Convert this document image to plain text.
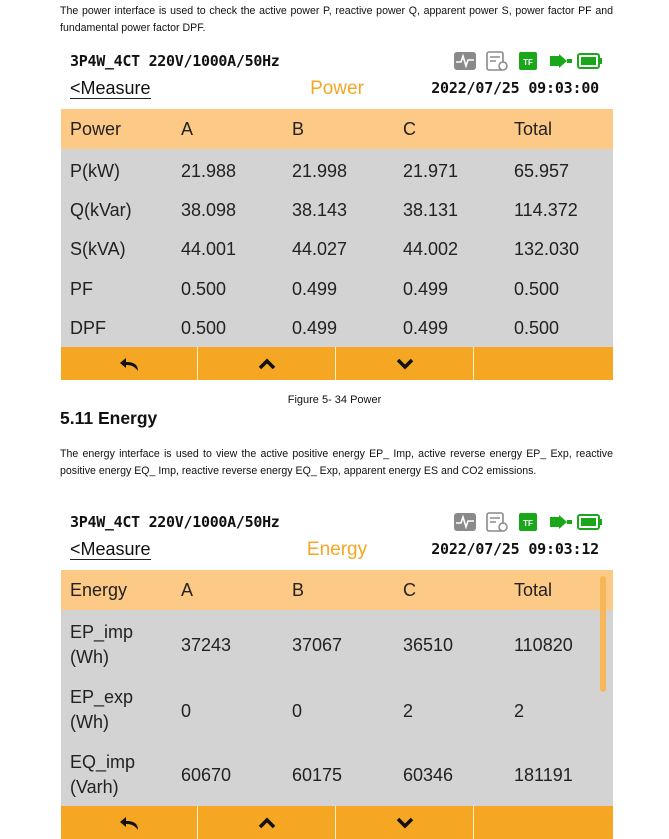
The power interface is used to check the active power P, reactive power Q, apparent power S, power factor PF and fundamental power factor DPF.
3P4W_4CT 220V/1000A/50Hz	TF
Power
<Measure	2022/07/25 09:03:00
Power	A	B	C	Total
P(kW)	21.988	21.998	21.971	65.957
Q(kVar)	38.098	38.143	38.131	114.372
S(kVA)	44.001	44.027	44.002	132.030
PF	0.500	0.499	0.499	0.500
DPF	0.500	0.499	0.499	0.500
Figure 5- 34 Power
5.11 Energy
The energy interface is used to view the active positive energy EP_ Imp, active reverse energy EP_ Exp, reactive positive energy EQ_ Imp, reactive reverse energy EQ_ Exp, apparent energy ES and CO2 emissions.
3P4W_4CT 220V/1000A/50Hz	TF
Energy
<Measure	2022/07/25 09:03:12
Energy	A	B	C	Total
EP_imp
(Wh)
37243	37067	36510	110820
EP_exp
(Wh)
0	0	2	2
EQ_imp
(Varh)
60670	60175	60346	181191
